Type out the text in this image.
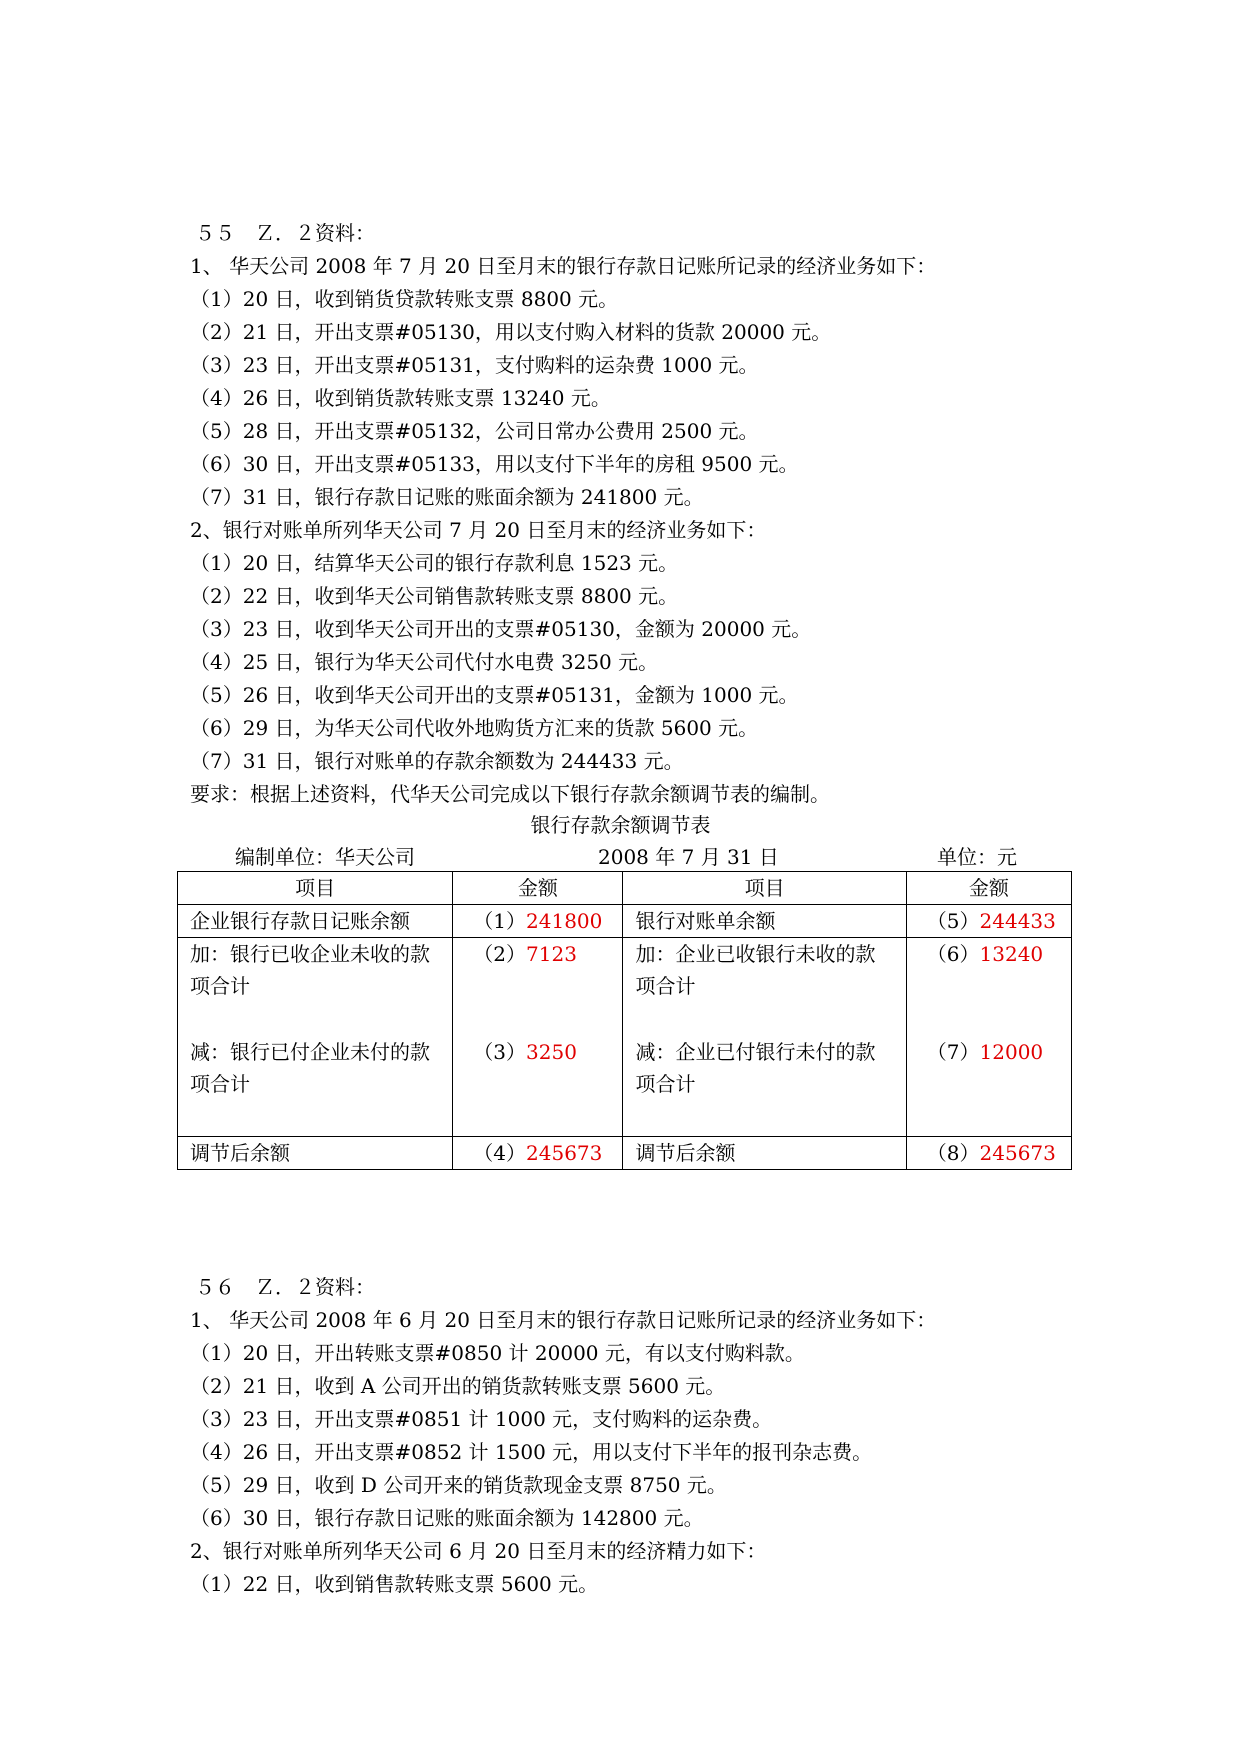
５５　Ｚ．２资料：
1、 华天公司 2008 年 7 月 20 日至月末的银行存款日记账所记录的经济业务如下：
（1）20 日，收到销货贷款转账支票 8800 元。
（2）21 日，开出支票#05130，用以支付购入材料的货款 20000 元。
（3）23 日，开出支票#05131，支付购料的运杂费 1000 元。
（4）26 日，收到销货款转账支票 13240 元。
（5）28 日，开出支票#05132，公司日常办公费用 2500 元。
（6）30 日，开出支票#05133，用以支付下半年的房租 9500 元。
（7）31 日，银行存款日记账的账面余额为 241800 元。
2、银行对账单所列华天公司 7 月 20 日至月末的经济业务如下：
（1）20 日，结算华天公司的银行存款利息 1523 元。
（2）22 日，收到华天公司销售款转账支票 8800 元。
（3）23 日，收到华天公司开出的支票#05130，金额为 20000 元。
（4）25 日，银行为华天公司代付水电费 3250 元。
（5）26 日，收到华天公司开出的支票#05131，金额为 1000 元。
（6）29 日，为华天公司代收外地购货方汇来的货款 5600 元。
（7）31 日，银行对账单的存款余额数为 244433 元。
要求：根据上述资料，代华天公司完成以下银行存款余额调节表的编制。
银行存款余额调节表
编制单位：华天公司	2008 年 7 月 31 日	单位：元
项目	金额	项目	金额
企业银行存款日记账余额	（1）241800	银行对账单余额	（5）244433
加：银行已收企业未收的款项合计	（2）7123	加：企业已收银行未收的款项合计	（6）13240
减：银行已付企业未付的款项合计	（3）3250	减：企业已付银行未付的款项合计	（7）12000
调节后余额	（4）245673	调节后余额	（8）245673
５６　Ｚ．２资料：
1、 华天公司 2008 年 6 月 20 日至月末的银行存款日记账所记录的经济业务如下：
（1）20 日，开出转账支票#0850 计 20000 元，有以支付购料款。
（2）21 日，收到 A 公司开出的销货款转账支票 5600 元。
（3）23 日，开出支票#0851 计 1000 元，支付购料的运杂费。
（4）26 日，开出支票#0852 计 1500 元，用以支付下半年的报刊杂志费。
（5）29 日，收到 D 公司开来的销货款现金支票 8750 元。
（6）30 日，银行存款日记账的账面余额为 142800 元。
2、银行对账单所列华天公司 6 月 20 日至月末的经济精力如下：
（1）22 日，收到销售款转账支票 5600 元。
